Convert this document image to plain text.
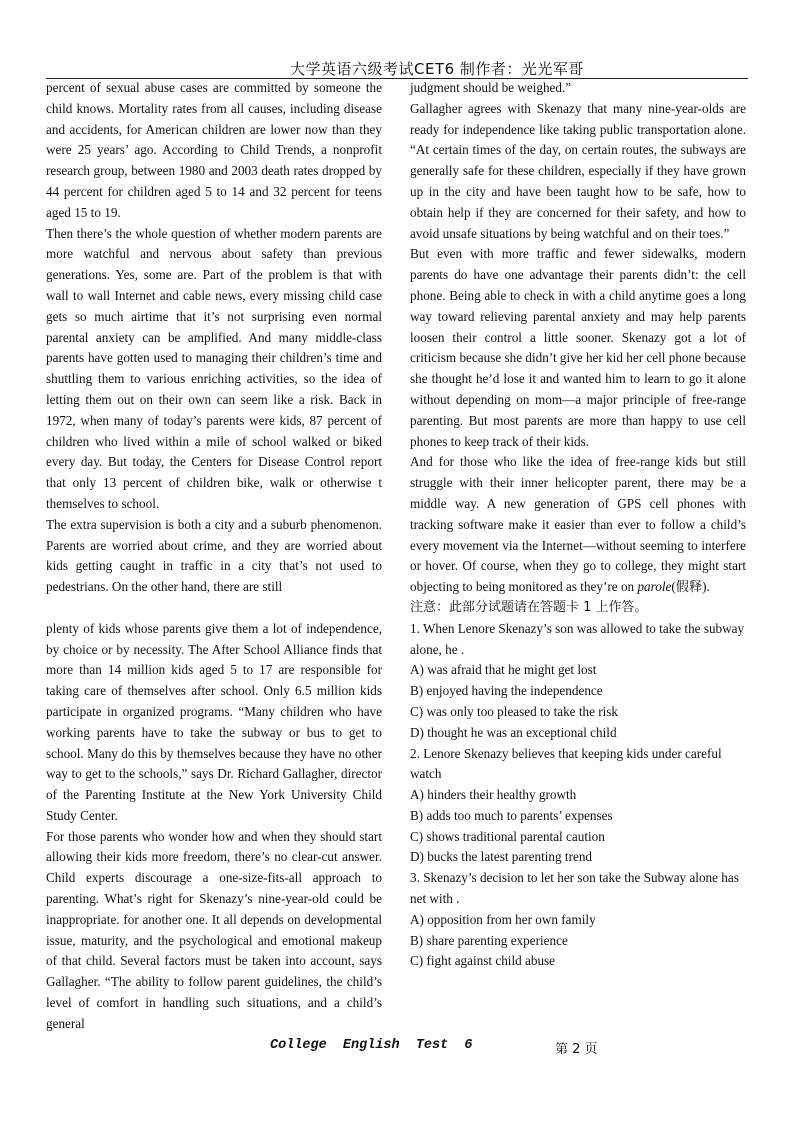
大学英语六级考试CET6 制作者：光光军哥

percent of sexual abuse cases are committed by someone the child knows. Mortality rates from all causes, including disease and accidents, for American children are lower now than they were 25 years’ ago. According to Child Trends, a nonprofit research group, between 1980 and 2003 death rates dropped by 44 percent for children aged 5 to 14 and 32 percent for teens aged 15 to 19.

Then there’s the whole question of whether modern parents are more watchful and nervous about safety than previous generations. Yes, some are. Part of the problem is that with wall to wall Internet and cable news, every missing child case gets so much airtime that it’s not surprising even normal parental anxiety can be amplified. And many middle-class parents have gotten used to managing their children’s time and shuttling them to various enriching activities, so the idea of letting them out on their own can seem like a risk. Back in 1972, when many of today’s parents were kids, 87 percent of children who lived within a mile of school walked or biked every day. But today, the Centers for Disease Control report that only 13 percent of children bike, walk or otherwise t themselves to school.

The extra supervision is both a city and a suburb phenomenon. Parents are worried about crime, and they are worried about kids getting caught in traffic in a city that’s not used to pedestrians. On the other hand, there are still

plenty of kids whose parents give them a lot of independence, by choice or by necessity. The After School Alliance finds that more than 14 million kids aged 5 to 17 are responsible for taking care of themselves after school. Only 6.5 million kids participate in organized programs. “Many children who have working parents have to take the subway or bus to get to school. Many do this by themselves because they have no other way to get to the schools,” says Dr. Richard Gallagher, director of the Parenting Institute at the New York University Child Study Center.

For those parents who wonder how and when they should start allowing their kids more freedom, there’s no clear-cut answer. Child experts discourage a one-size-fits-all approach to parenting. What’s right for Skenazy’s nine-year-old could be inappropriate. for another one. It all depends on developmental issue, maturity, and the psychological and emotional makeup of that child. Several factors must be taken into account, says Gallagher. “The ability to follow parent guidelines, the child’s level of comfort in handling such situations, and a child’s general

judgment should be weighed.”

Gallagher agrees with Skenazy that many nine-year-olds are ready for independence like taking public transportation alone. “At certain times of the day, on certain routes, the subways are generally safe for these children, especially if they have grown up in the city and have been taught how to be safe, how to obtain help if they are concerned for their safety, and how to avoid unsafe situations by being watchful and on their toes.”

But even with more traffic and fewer sidewalks, modern parents do have one advantage their parents didn’t: the cell phone. Being able to check in with a child anytime goes a long way toward relieving parental anxiety and may help parents loosen their control a little sooner. Skenazy got a lot of criticism because she didn’t give her kid her cell phone because she thought he’d lose it and wanted him to learn to go it alone without depending on mom—a major principle of free-range parenting. But most parents are more than happy to use cell phones to keep track of their kids.

And for those who like the idea of free-range kids but still struggle with their inner helicopter parent, there may be a middle way. A new generation of GPS cell phones with tracking software make it easier than ever to follow a child’s every movement via the Internet—without seeming to interfere or hover. Of course, when they go to college, they might start objecting to being monitored as they’re on parole(假释).

注意：此部分试题请在答题卡 1 上作答。

1. When Lenore Skenazy’s son was allowed to take the subway alone, he .

A) was afraid that he might get lost

B) enjoyed having the independence

C) was only too pleased to take the risk

D) thought he was an exceptional child

2. Lenore Skenazy believes that keeping kids under careful watch

A) hinders their healthy growth

B) adds too much to parents’ expenses

C) shows traditional parental caution

D) bucks the latest parenting trend

3. Skenazy’s decision to let her son take the Subway alone has net with .

A) opposition from her own family

B) share parenting experience

C) fight against child abuse

College  English  Test  6	第 2 页
